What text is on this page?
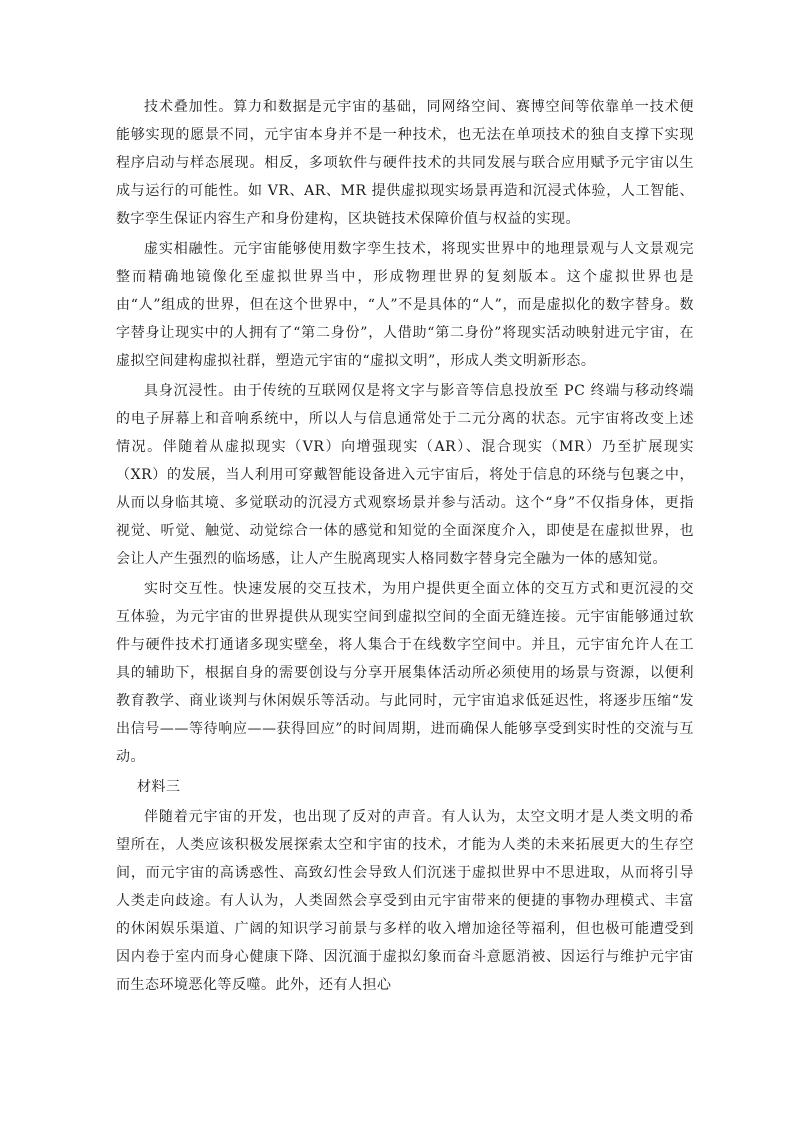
技术叠加性。算力和数据是元宇宙的基础，同网络空间、赛博空间等依靠单一技术便能够实现的愿景不同，元宇宙本身并不是一种技术，也无法在单项技术的独自支撑下实现程序启动与样态展现。相反，多项软件与硬件技术的共同发展与联合应用赋予元宇宙以生成与运行的可能性。如 VR、AR、MR 提供虚拟现实场景再造和沉浸式体验，人工智能、数字孪生保证内容生产和身份建构，区块链技术保障价值与权益的实现。

虚实相融性。元宇宙能够使用数字孪生技术，将现实世界中的地理景观与人文景观完整而精确地镜像化至虚拟世界当中，形成物理世界的复刻版本。这个虚拟世界也是由“人”组成的世界，但在这个世界中，“人”不是具体的“人”，而是虚拟化的数字替身。数字替身让现实中的人拥有了“第二身份”，人借助“第二身份”将现实活动映射进元宇宙，在虚拟空间建构虚拟社群，塑造元宇宙的“虚拟文明”，形成人类文明新形态。

具身沉浸性。由于传统的互联网仅是将文字与影音等信息投放至 PC 终端与移动终端的电子屏幕上和音响系统中，所以人与信息通常处于二元分离的状态。元宇宙将改变上述情况。伴随着从虚拟现实（VR）向增强现实（AR）、混合现实（MR）乃至扩展现实（XR）的发展，当人利用可穿戴智能设备进入元宇宙后，将处于信息的环绕与包裹之中，从而以身临其境、多觉联动的沉浸方式观察场景并参与活动。这个“身”不仅指身体，更指视觉、听觉、触觉、动觉综合一体的感觉和知觉的全面深度介入，即使是在虚拟世界，也会让人产生强烈的临场感，让人产生脱离现实人格同数字替身完全融为一体的感知觉。

实时交互性。快速发展的交互技术，为用户提供更全面立体的交互方式和更沉浸的交互体验，为元宇宙的世界提供从现实空间到虚拟空间的全面无缝连接。元宇宙能够通过软件与硬件技术打通诸多现实壁垒，将人集合于在线数字空间中。并且，元宇宙允许人在工具的辅助下，根据自身的需要创设与分享开展集体活动所必须使用的场景与资源，以便利教育教学、商业谈判与休闲娱乐等活动。与此同时，元宇宙追求低延迟性，将逐步压缩“发出信号——等待响应——获得回应”的时间周期，进而确保人能够享受到实时性的交流与互动。

材料三

伴随着元宇宙的开发，也出现了反对的声音。有人认为，太空文明才是人类文明的希望所在，人类应该积极发展探索太空和宇宙的技术，才能为人类的未来拓展更大的生存空间，而元宇宙的高诱惑性、高致幻性会导致人们沉迷于虚拟世界中不思进取，从而将引导人类走向歧途。有人认为，人类固然会享受到由元宇宙带来的便捷的事物办理模式、丰富的休闲娱乐渠道、广阔的知识学习前景与多样的收入增加途径等福利，但也极可能遭受到因内卷于室内而身心健康下降、因沉湎于虚拟幻象而奋斗意愿消被、因运行与维护元宇宙而生态环境恶化等反噬。此外，还有人担心
